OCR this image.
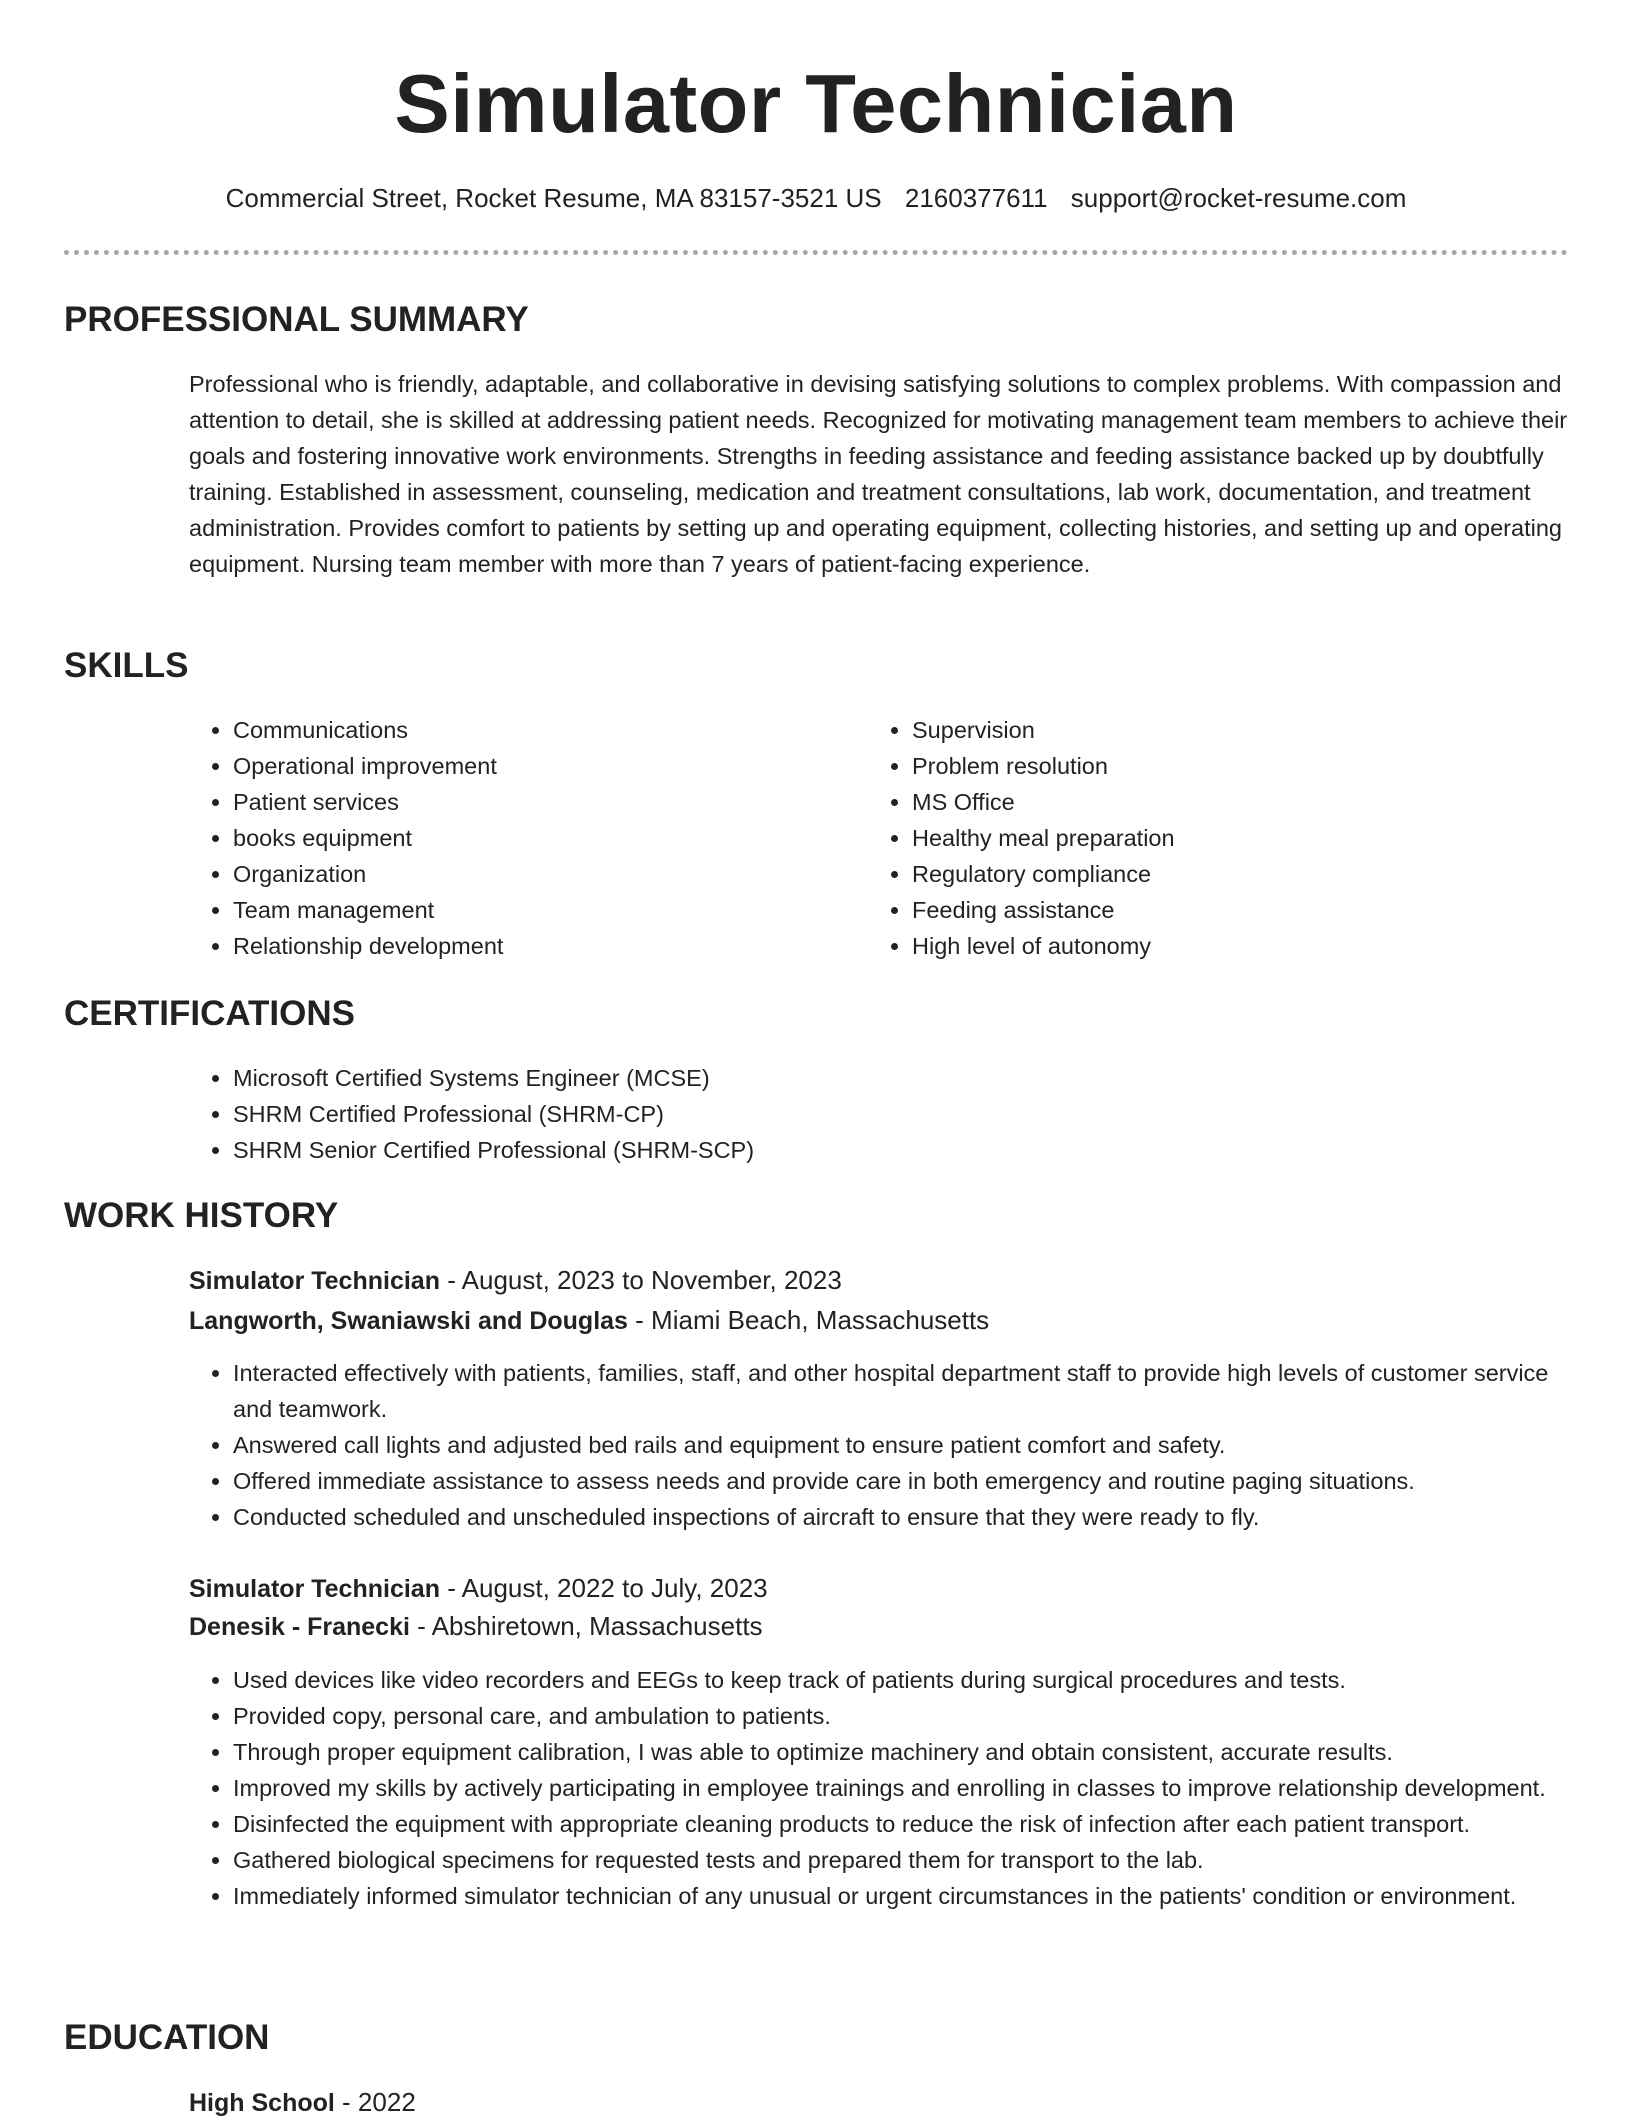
Simulator Technician
Commercial Street, Rocket Resume, MA 83157-3521 US 2160377611 support@rocket-resume.com
PROFESSIONAL SUMMARY

Professional who is friendly, adaptable, and collaborative in devising satisfying solutions to complex problems. With compassion and attention to detail, she is skilled at addressing patient needs. Recognized for motivating management team members to achieve their goals and fostering innovative work environments. Strengths in feeding assistance and feeding assistance backed up by doubtfully training. Established in assessment, counseling, medication and treatment consultations, lab work, documentation, and treatment administration. Provides comfort to patients by setting up and operating equipment, collecting histories, and setting up and operating equipment. Nursing team member with more than 7 years of patient-facing experience.

SKILLS
• Communications
• Operational improvement
• Patient services
• books equipment
• Organization
• Team management
• Relationship development
• Supervision
• Problem resolution
• MS Office
• Healthy meal preparation
• Regulatory compliance
• Feeding assistance
• High level of autonomy
CERTIFICATIONS
• Microsoft Certified Systems Engineer (MCSE)
• SHRM Certified Professional (SHRM-CP)
• SHRM Senior Certified Professional (SHRM-SCP)
WORK HISTORY
Simulator Technician - August, 2023 to November, 2023
Langworth, Swaniawski and Douglas - Miami Beach, Massachusetts
• Interacted effectively with patients, families, staff, and other hospital department staff to provide high levels of customer service and teamwork.
• Answered call lights and adjusted bed rails and equipment to ensure patient comfort and safety.
• Offered immediate assistance to assess needs and provide care in both emergency and routine paging situations.
• Conducted scheduled and unscheduled inspections of aircraft to ensure that they were ready to fly.
Simulator Technician - August, 2022 to July, 2023
Denesik - Franecki - Abshiretown, Massachusetts
• Used devices like video recorders and EEGs to keep track of patients during surgical procedures and tests.
• Provided copy, personal care, and ambulation to patients.
• Through proper equipment calibration, I was able to optimize machinery and obtain consistent, accurate results.
• Improved my skills by actively participating in employee trainings and enrolling in classes to improve relationship development.
• Disinfected the equipment with appropriate cleaning products to reduce the risk of infection after each patient transport.
• Gathered biological specimens for requested tests and prepared them for transport to the lab.
• Immediately informed simulator technician of any unusual or urgent circumstances in the patients' condition or environment.
EDUCATION
High School - 2022
